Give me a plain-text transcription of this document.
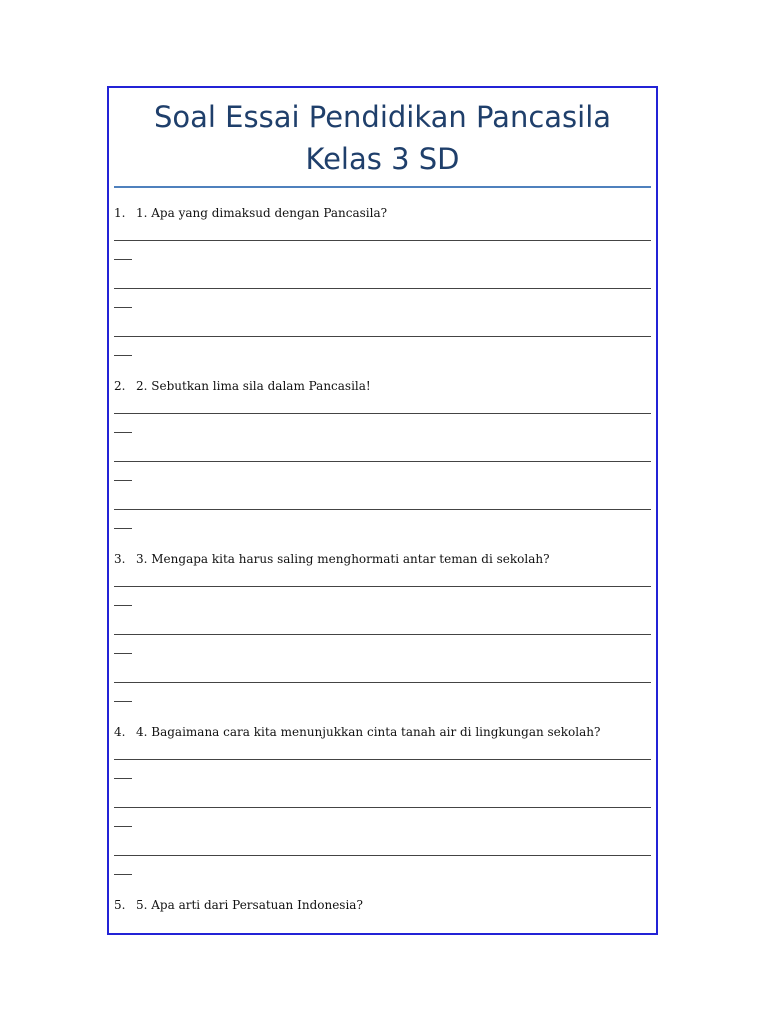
Soal Essai Pendidikan Pancasila
Kelas 3 SD
1. 1. Apa yang dimaksud dengan Pancasila?
2. 2. Sebutkan lima sila dalam Pancasila!
3. 3. Mengapa kita harus saling menghormati antar teman di sekolah?
4. 4. Bagaimana cara kita menunjukkan cinta tanah air di lingkungan sekolah?
5. 5. Apa arti dari Persatuan Indonesia?
